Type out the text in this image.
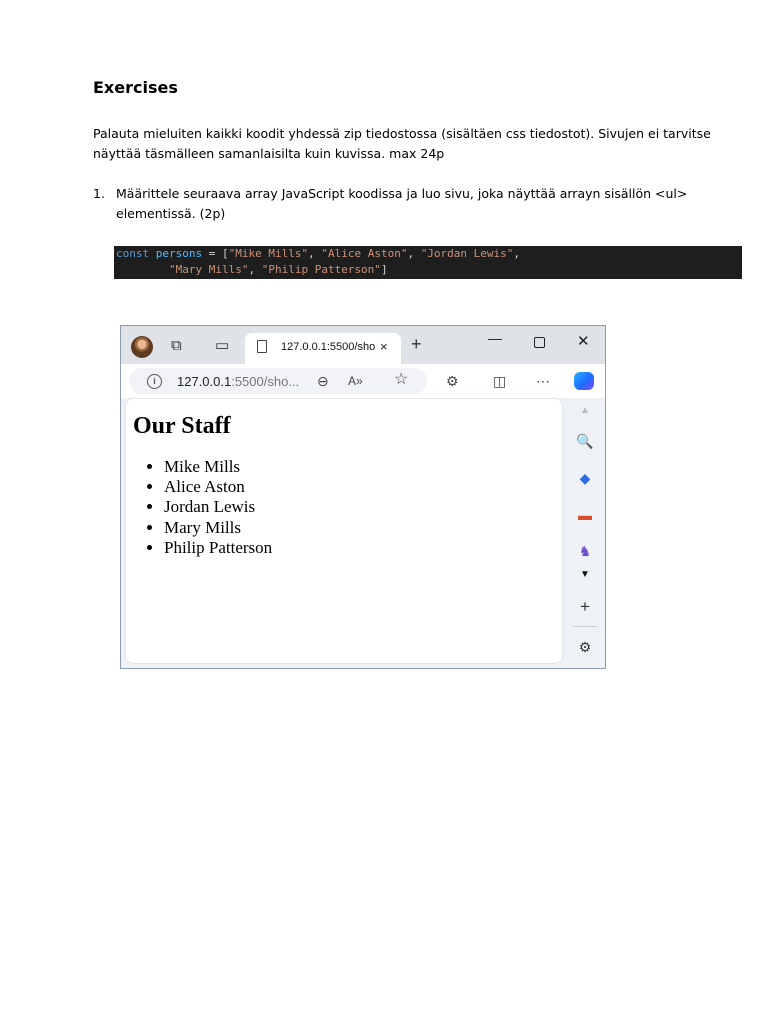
Exercises
Palauta mieluiten kaikki koodit yhdessä zip tiedostossa (sisältäen css tiedostot). Sivujen ei tarvitse näyttää täsmälleen samanlaisilta kuin kuvissa. max 24p
1. Määrittele seuraava array JavaScript koodissa ja luo sivu, joka näyttää arrayn sisällön <ul> elementissä. (2p)
const persons = ["Mike Mills", "Alice Aston", "Jordan Lewis",
"Mary Mills", "Philip Patterson"]
⧉ ▭	127.0.0.1:5500/sho × +	—	✕
i	127.0.0.1:5500/sho... ⊖ A» ☆	⚙ ◫ ⋯
Our Staff
• Mike Mills
• Alice Aston
• Jordan Lewis
• Mary Mills
• Philip Patterson
▲
🔍
◆
▬
♞
▼
+
⚙
